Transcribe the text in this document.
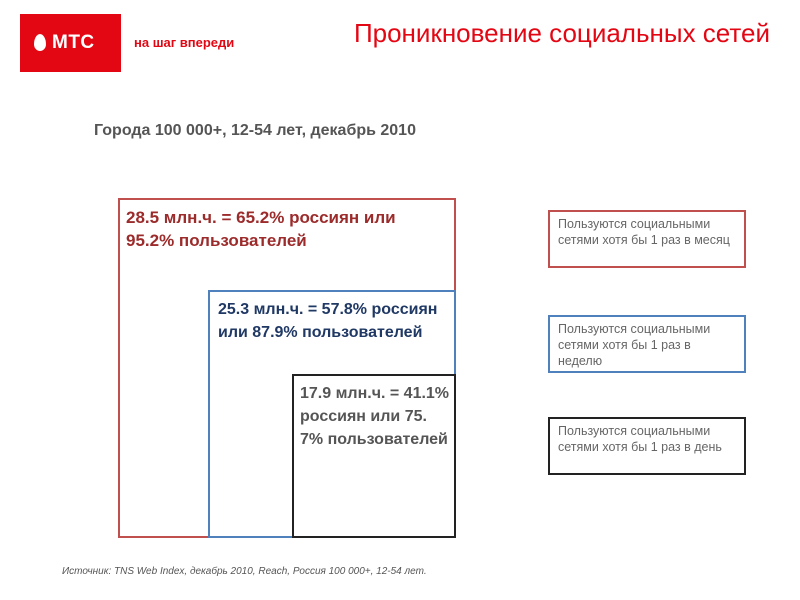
МТС	на шаг впереди	Проникновение социальных сетей
Города 100 000+, 12-54 лет, декабрь 2010
28.5 млн.ч. = 65.2% россиян или 95.2% пользователей
25.3 млн.ч. = 57.8% россиян или 87.9% пользователей
17.9 млн.ч. = 41.1% россиян или 75.7% пользователей
Пользуются социальными сетями хотя бы 1 раз в месяц
Пользуются социальными сетями хотя бы 1 раз в неделю
Пользуются социальными сетями хотя бы 1 раз в день
Источник: TNS Web Index, декабрь 2010, Reach, Россия 100 000+, 12-54 лет.
